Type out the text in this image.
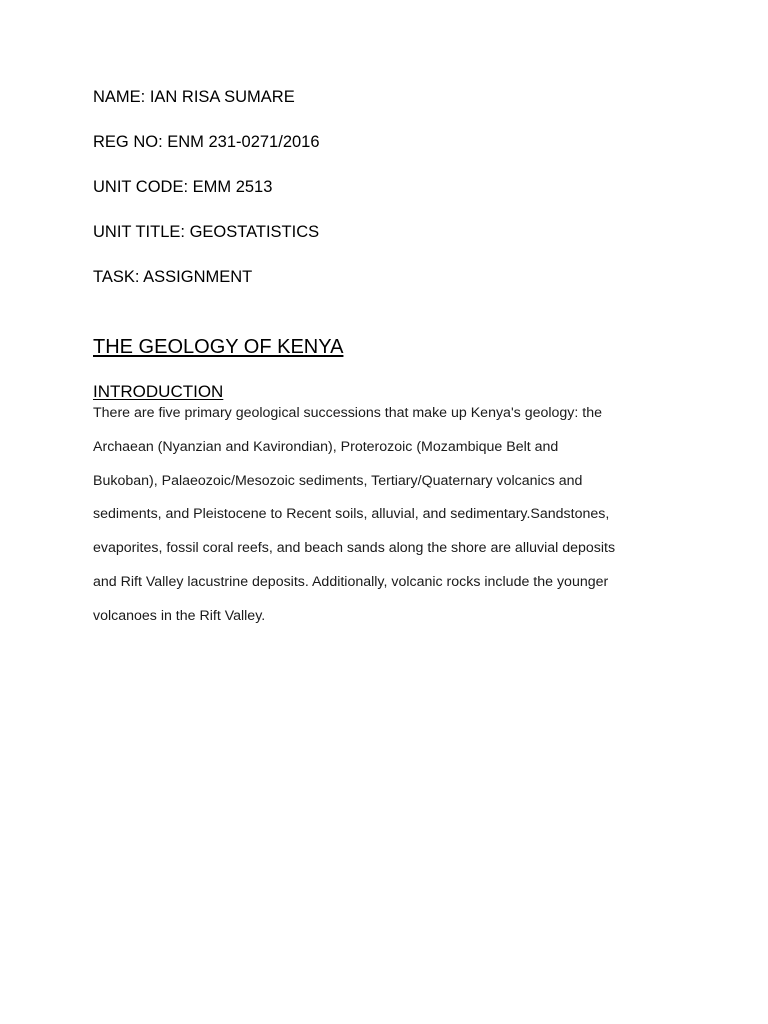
NAME: IAN RISA SUMARE
REG NO: ENM 231-0271/2016
UNIT CODE: EMM 2513
UNIT TITLE: GEOSTATISTICS
TASK: ASSIGNMENT
THE GEOLOGY OF KENYA
INTRODUCTION
There are five primary geological successions that make up Kenya's geology: the
Archaean (Nyanzian and Kavirondian), Proterozoic (Mozambique Belt and
Bukoban), Palaeozoic/Mesozoic sediments, Tertiary/Quaternary volcanics and
sediments, and Pleistocene to Recent soils, alluvial, and sedimentary.Sandstones,
evaporites, fossil coral reefs, and beach sands along the shore are alluvial deposits
and Rift Valley lacustrine deposits. Additionally, volcanic rocks include the younger
volcanoes in the Rift Valley.
